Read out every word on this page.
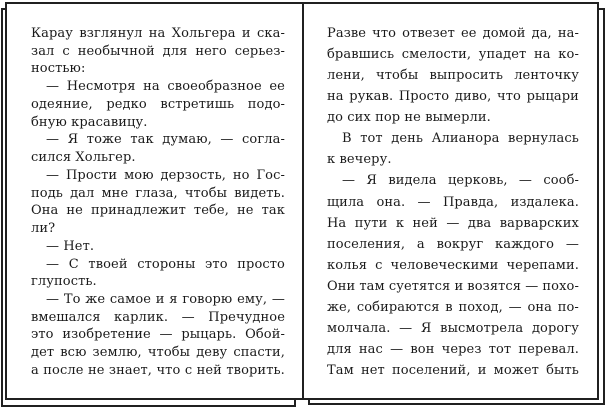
Карау взглянул на Хольгера и ска-
зал с необычной для него серьез-
ностью:
— Несмотря на своеобразное ее
одеяние, редко встретишь подо-
бную красавицу.
— Я тоже так думаю, — согла-
сился Хольгер.
— Прости мою дерзость, но Гос-
подь дал мне глаза, чтобы видеть.
Она не принадлежит тебе, не так
ли?
— Нет.
— С твоей стороны это просто
глупость.
— То же самое и я говорю ему, —
вмешался карлик. — Пречудное
это изобретение — рыцарь. Обой-
дет всю землю, чтобы деву спасти,
а после не знает, что с ней творить.
Разве что отвезет ее домой да, на-
бравшись смелости, упадет на ко-
лени, чтобы выпросить ленточку
на рукав. Просто диво, что рыцари
до сих пор не вымерли.
В тот день Алианора вернулась
к вечеру.
— Я видела церковь, — сооб-
щила она. — Правда, издалека.
На пути к ней — два варварских
поселения, а вокруг каждого —
колья с человеческими черепами.
Они там суетятся и возятся — похо-
же, собираются в поход, — она по-
молчала. — Я высмотрела дорогу
для нас — вон через тот перевал.
Там нет поселений, и может быть
